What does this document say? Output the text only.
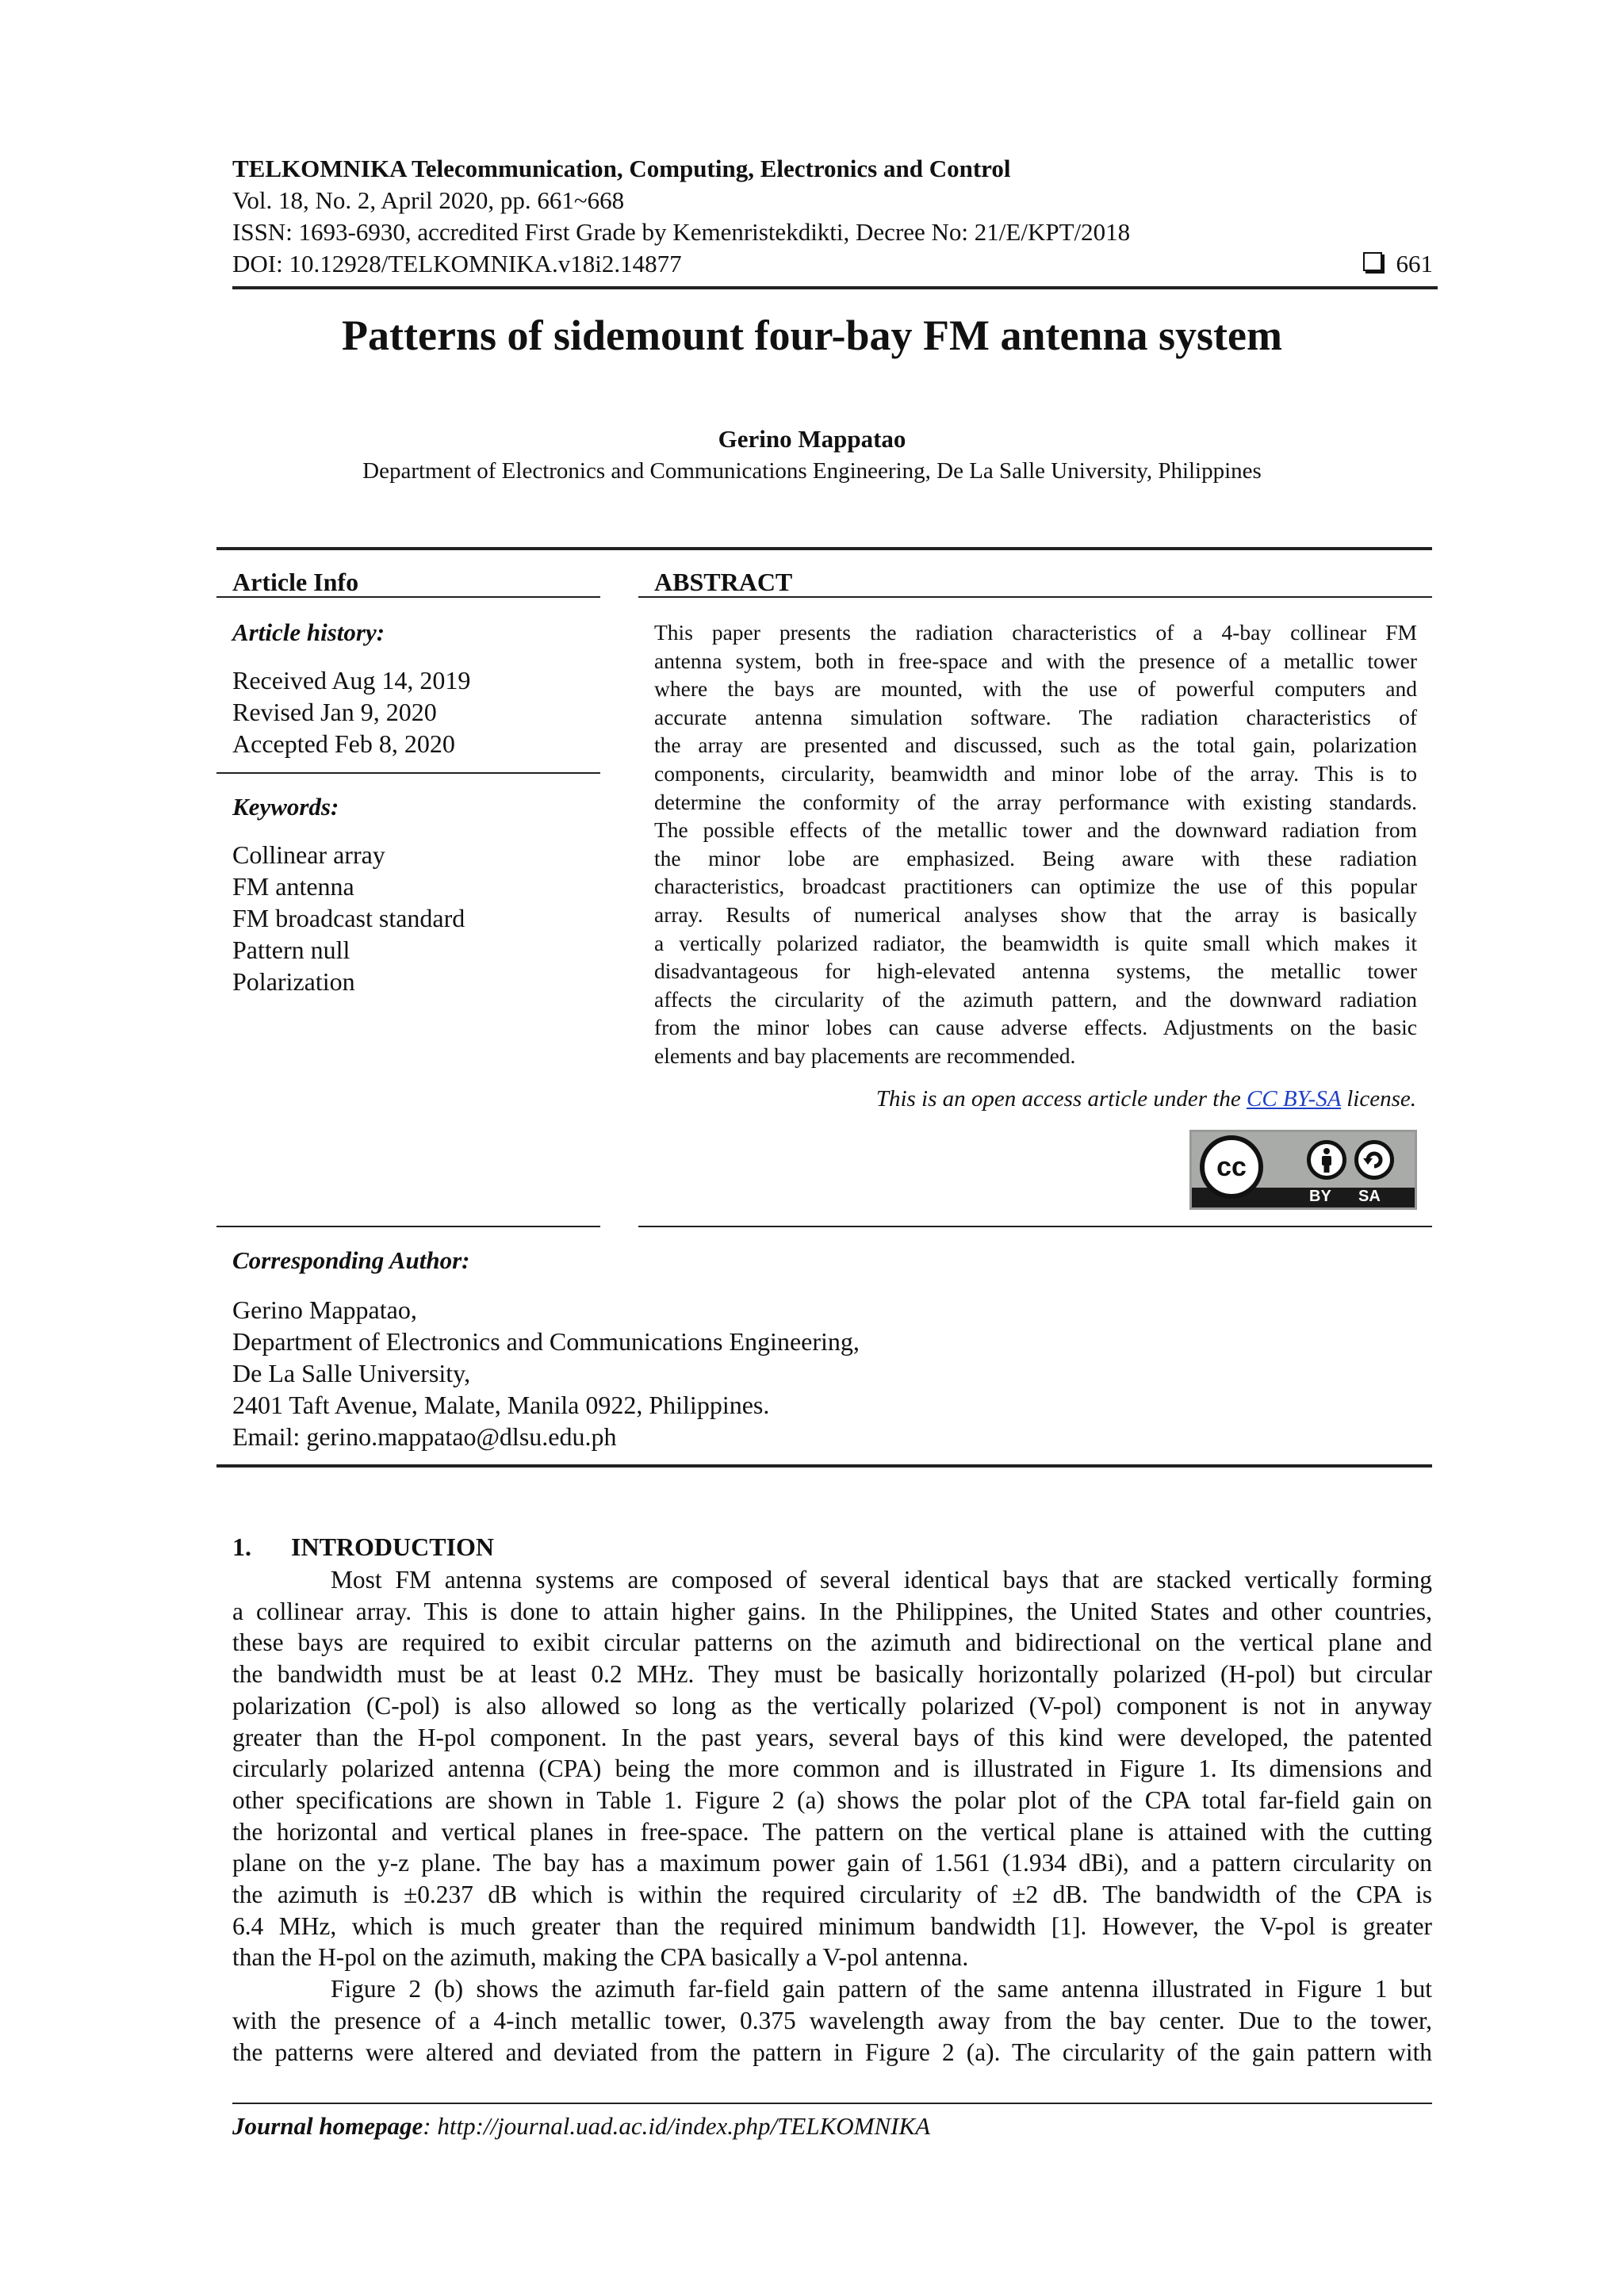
TELKOMNIKA Telecommunication, Computing, Electronics and Control
Vol. 18, No. 2, April 2020, pp. 661~668
ISSN: 1693-6930, accredited First Grade by Kemenristekdikti, Decree No: 21/E/KPT/2018
DOI: 10.12928/TELKOMNIKA.v18i2.14877	661
Patterns of sidemount four-bay FM antenna system
Gerino Mappatao
Department of Electronics and Communications Engineering, De La Salle University, Philippines
Article Info
Article history:
Received Aug 14, 2019
Revised Jan 9, 2020
Accepted Feb 8, 2020
Keywords:
Collinear array
FM antenna
FM broadcast standard
Pattern null
Polarization
ABSTRACT
This paper presents the radiation characteristics of a 4-bay collinear FM
antenna system, both in free-space and with the presence of a metallic tower
where the bays are mounted, with the use of powerful computers and
accurate antenna simulation software. The radiation characteristics of
the array are presented and discussed, such as the total gain, polarization
components, circularity, beamwidth and minor lobe of the array. This is to
determine the conformity of the array performance with existing standards.
The possible effects of the metallic tower and the downward radiation from
the minor lobe are emphasized. Being aware with these radiation
characteristics, broadcast practitioners can optimize the use of this popular
array. Results of numerical analyses show that the array is basically
a vertically polarized radiator, the beamwidth is quite small which makes it
disadvantageous for high-elevated antenna systems, the metallic tower
affects the circularity of the azimuth pattern, and the downward radiation
from the minor lobes can cause adverse effects. Adjustments on the basic
elements and bay placements are recommended.
This is an open access article under the CC BY-SA license.
cc
BY SA
Corresponding Author:
Gerino Mappatao,
Department of Electronics and Communications Engineering,
De La Salle University,
2401 Taft Avenue, Malate, Manila 0922, Philippines.
Email: gerino.mappatao@dlsu.edu.ph
1. INTRODUCTION
Most FM antenna systems are composed of several identical bays that are stacked vertically forming
a collinear array. This is done to attain higher gains. In the Philippines, the United States and other countries,
these bays are required to exibit circular patterns on the azimuth and bidirectional on the vertical plane and
the bandwidth must be at least 0.2 MHz. They must be basically horizontally polarized (H-pol) but circular
polarization (C-pol) is also allowed so long as the vertically polarized (V-pol) component is not in anyway
greater than the H-pol component. In the past years, several bays of this kind were developed, the patented
circularly polarized antenna (CPA) being the more common and is illustrated in Figure 1. Its dimensions and
other specifications are shown in Table 1. Figure 2 (a) shows the polar plot of the CPA total far-field gain on
the horizontal and vertical planes in free-space. The pattern on the vertical plane is attained with the cutting
plane on the y-z plane. The bay has a maximum power gain of 1.561 (1.934 dBi), and a pattern circularity on
the azimuth is ±0.237 dB which is within the required circularity of ±2 dB. The bandwidth of the CPA is
6.4 MHz, which is much greater than the required minimum bandwidth [1]. However, the V-pol is greater
than the H-pol on the azimuth, making the CPA basically a V-pol antenna.
Figure 2 (b) shows the azimuth far-field gain pattern of the same antenna illustrated in Figure 1 but
with the presence of a 4-inch metallic tower, 0.375 wavelength away from the bay center. Due to the tower,
the patterns were altered and deviated from the pattern in Figure 2 (a). The circularity of the gain pattern with
Journal homepage: http://journal.uad.ac.id/index.php/TELKOMNIKA
